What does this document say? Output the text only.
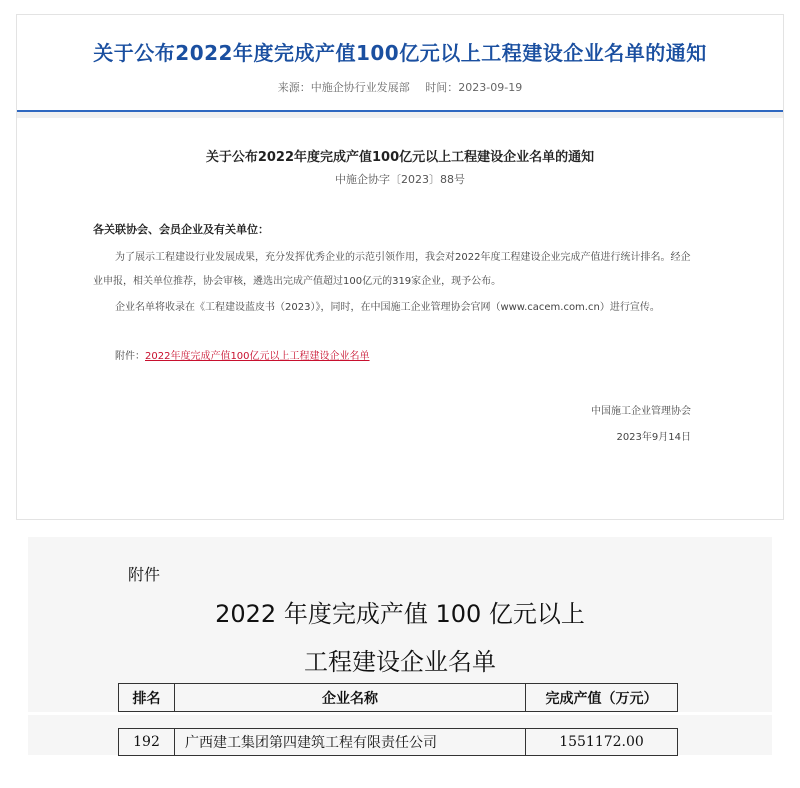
关于公布2022年度完成产值100亿元以上工程建设企业名单的通知
来源：中施企协行业发展部 时间：2023-09-19
关于公布2022年度完成产值100亿元以上工程建设企业名单的通知
中施企协字〔2023〕88号
各关联协会、会员企业及有关单位：
为了展示工程建设行业发展成果，充分发挥优秀企业的示范引领作用，我会对2022年度工程建设企业完成产值进行统计排名。经企
业申报，相关单位推荐，协会审核，遴选出完成产值超过100亿元的319家企业，现予公布。
企业名单将收录在《工程建设蓝皮书（2023）》，同时，在中国施工企业管理协会官网（www.cacem.com.cn）进行宣传。
附件：2022年度完成产值100亿元以上工程建设企业名单
中国施工企业管理协会
2023年9月14日
附件
2022 年度完成产值 100 亿元以上
工程建设企业名单
排名	企业名称	完成产值（万元）
192	广西建工集团第四建筑工程有限责任公司	1551172.00
